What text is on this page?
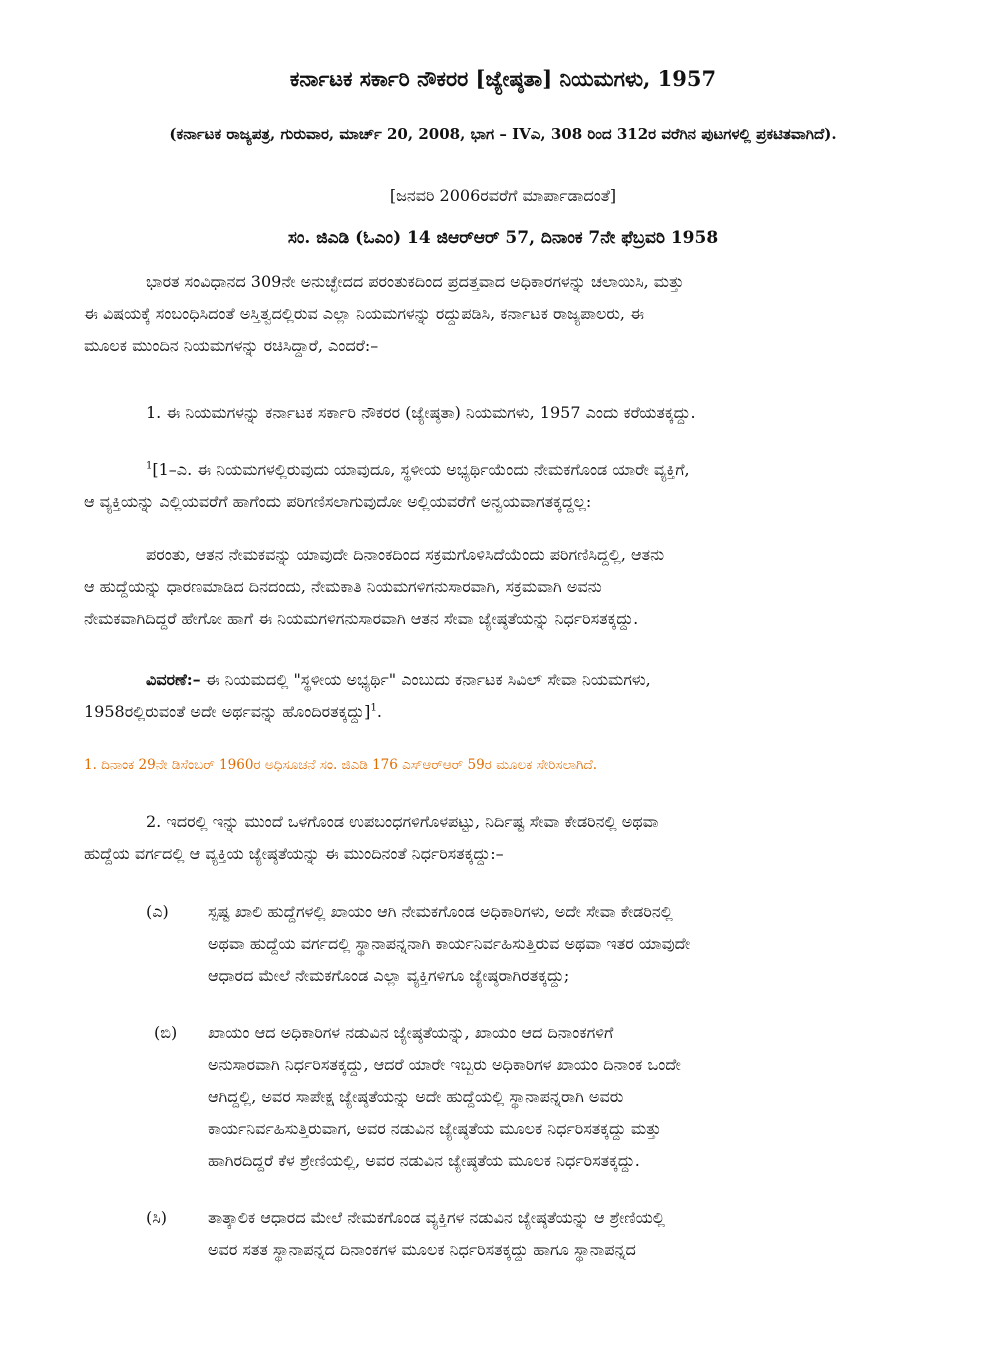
ಕರ್ನಾಟಕ ಸರ್ಕಾರಿ ನೌಕರರ [ಜ್ಯೇಷ್ಠತಾ] ನಿಯಮಗಳು, 1957
(ಕರ್ನಾಟಕ ರಾಜ್ಯಪತ್ರ, ಗುರುವಾರ, ಮಾರ್ಚ್ 20, 2008, ಭಾಗ – IVಎ, 308 ರಿಂದ 312ರ ವರೆಗಿನ ಪುಟಗಳಲ್ಲಿ ಪ್ರಕಟಿತವಾಗಿದೆ).
[ಜನವರಿ 2006ರವರೆಗೆ ಮಾರ್ಪಾಡಾದಂತೆ]
ಸಂ. ಜಿಎಡಿ (ಓಎಂ) 14 ಜಿಆರ್‌ಆರ್ 57, ದಿನಾಂಕ 7ನೇ ಫೆಬ್ರವರಿ 1958
ಭಾರತ ಸಂವಿಧಾನದ 309ನೇ ಅನುಚ್ಛೇದದ ಪರಂತುಕದಿಂದ ಪ್ರದತ್ತವಾದ ಅಧಿಕಾರಗಳನ್ನು ಚಲಾಯಿಸಿ, ಮತ್ತು
ಈ ವಿಷಯಕ್ಕೆ ಸಂಬಂಧಿಸಿದಂತೆ ಅಸ್ತಿತ್ವದಲ್ಲಿರುವ ಎಲ್ಲಾ ನಿಯಮಗಳನ್ನು ರದ್ದುಪಡಿಸಿ, ಕರ್ನಾಟಕ ರಾಜ್ಯಪಾಲರು, ಈ
ಮೂಲಕ ಮುಂದಿನ ನಿಯಮಗಳನ್ನು ರಚಿಸಿದ್ದಾರೆ, ಎಂದರೆ:–
1. ಈ ನಿಯಮಗಳನ್ನು ಕರ್ನಾಟಕ ಸರ್ಕಾರಿ ನೌಕರರ (ಜ್ಯೇಷ್ಠತಾ) ನಿಯಮಗಳು, 1957 ಎಂದು ಕರೆಯತಕ್ಕದ್ದು.
$^1$[1–ಎ. ಈ ನಿಯಮಗಳಲ್ಲಿರುವುದು ಯಾವುದೂ, ಸ್ಥಳೀಯ ಅಭ್ಯರ್ಥಿಯೆಂದು ನೇಮಕಗೊಂಡ ಯಾರೇ ವ್ಯಕ್ತಿಗೆ,
ಆ ವ್ಯಕ್ತಿಯನ್ನು ಎಲ್ಲಿಯವರೆಗೆ ಹಾಗೆಂದು ಪರಿಗಣಿಸಲಾಗುವುದೋ ಅಲ್ಲಿಯವರೆಗೆ ಅನ್ವಯವಾಗತಕ್ಕದ್ದಲ್ಲ:
ಪರಂತು, ಆತನ ನೇಮಕವನ್ನು ಯಾವುದೇ ದಿನಾಂಕದಿಂದ ಸಕ್ರಮಗೊಳಿಸಿದೆಯೆಂದು ಪರಿಗಣಿಸಿದ್ದಲ್ಲಿ, ಆತನು
ಆ ಹುದ್ದೆಯನ್ನು ಧಾರಣಮಾಡಿದ ದಿನದಂದು, ನೇಮಕಾತಿ ನಿಯಮಗಳಿಗನುಸಾರವಾಗಿ, ಸಕ್ರಮವಾಗಿ ಅವನು
ನೇಮಕವಾಗಿದಿದ್ದರೆ ಹೇಗೋ ಹಾಗೆ ಈ ನಿಯಮಗಳಿಗನುಸಾರವಾಗಿ ಆತನ ಸೇವಾ ಜ್ಯೇಷ್ಠತೆಯನ್ನು ನಿರ್ಧರಿಸತಕ್ಕದ್ದು.
ವಿವರಣೆ:– ಈ ನಿಯಮದಲ್ಲಿ "ಸ್ಥಳೀಯ ಅಭ್ಯರ್ಥಿ" ಎಂಬುದು ಕರ್ನಾಟಕ ಸಿವಿಲ್ ಸೇವಾ ನಿಯಮಗಳು,
1958ರಲ್ಲಿರುವಂತೆ ಅದೇ ಅರ್ಥವನ್ನು ಹೊಂದಿರತಕ್ಕದ್ದು]$^1$.
1. ದಿನಾಂಕ 29ನೇ ಡಿಸೆಂಬರ್ 1960ರ ಅಧಿಸೂಚನೆ ಸಂ. ಜಿಎಡಿ 176 ಎಸ್‌ಆರ್‌ಆರ್ 59ರ ಮೂಲಕ ಸೇರಿಸಲಾಗಿದೆ.
2. ಇದರಲ್ಲಿ ಇನ್ನು ಮುಂದೆ ಒಳಗೊಂಡ ಉಪಬಂಧಗಳಿಗೊಳಪಟ್ಟು, ನಿರ್ದಿಷ್ಟ ಸೇವಾ ಕೇಡರಿನಲ್ಲಿ ಅಥವಾ
ಹುದ್ದೆಯ ವರ್ಗದಲ್ಲಿ ಆ ವ್ಯಕ್ತಿಯ ಜ್ಯೇಷ್ಠತೆಯನ್ನು ಈ ಮುಂದಿನಂತೆ ನಿರ್ಧರಿಸತಕ್ಕದ್ದು:–
(ಎ)	ಸ್ಪಷ್ಟ ಖಾಲಿ ಹುದ್ದೆಗಳಲ್ಲಿ ಖಾಯಂ ಆಗಿ ನೇಮಕಗೊಂಡ ಅಧಿಕಾರಿಗಳು, ಅದೇ ಸೇವಾ ಕೇಡರಿನಲ್ಲಿ
ಅಥವಾ ಹುದ್ದೆಯ ವರ್ಗದಲ್ಲಿ ಸ್ಥಾನಾಪನ್ನನಾಗಿ ಕಾರ್ಯನಿರ್ವಹಿಸುತ್ತಿರುವ ಅಥವಾ ಇತರ ಯಾವುದೇ
ಆಧಾರದ ಮೇಲೆ ನೇಮಕಗೊಂಡ ಎಲ್ಲಾ ವ್ಯಕ್ತಿಗಳಿಗೂ ಜ್ಯೇಷ್ಠರಾಗಿರತಕ್ಕದ್ದು;
(ಬಿ)	ಖಾಯಂ ಆದ ಅಧಿಕಾರಿಗಳ ನಡುವಿನ ಜ್ಯೇಷ್ಠತೆಯನ್ನು, ಖಾಯಂ ಆದ ದಿನಾಂಕಗಳಿಗೆ
ಅನುಸಾರವಾಗಿ ನಿರ್ಧರಿಸತಕ್ಕದ್ದು, ಆದರೆ ಯಾರೇ ಇಬ್ಬರು ಅಧಿಕಾರಿಗಳ ಖಾಯಂ ದಿನಾಂಕ ಒಂದೇ
ಆಗಿದ್ದಲ್ಲಿ, ಅವರ ಸಾಪೇಕ್ಷ ಜ್ಯೇಷ್ಠತೆಯನ್ನು ಅದೇ ಹುದ್ದೆಯಲ್ಲಿ ಸ್ಥಾನಾಪನ್ನರಾಗಿ ಅವರು
ಕಾರ್ಯನಿರ್ವಹಿಸುತ್ತಿರುವಾಗ, ಅವರ ನಡುವಿನ ಜ್ಯೇಷ್ಠತೆಯ ಮೂಲಕ ನಿರ್ಧರಿಸತಕ್ಕದ್ದು ಮತ್ತು
ಹಾಗಿರದಿದ್ದರೆ ಕೆಳ ಶ್ರೇಣಿಯಲ್ಲಿ, ಅವರ ನಡುವಿನ ಜ್ಯೇಷ್ಠತೆಯ ಮೂಲಕ ನಿರ್ಧರಿಸತಕ್ಕದ್ದು.
(ಸಿ)	ತಾತ್ಕಾಲಿಕ ಆಧಾರದ ಮೇಲೆ ನೇಮಕಗೊಂಡ ವ್ಯಕ್ತಿಗಳ ನಡುವಿನ ಜ್ಯೇಷ್ಠತೆಯನ್ನು ಆ ಶ್ರೇಣಿಯಲ್ಲಿ
ಅವರ ಸತತ ಸ್ಥಾನಾಪನ್ನದ ದಿನಾಂಕಗಳ ಮೂಲಕ ನಿರ್ಧರಿಸತಕ್ಕದ್ದು ಹಾಗೂ ಸ್ಥಾನಾಪನ್ನದ
